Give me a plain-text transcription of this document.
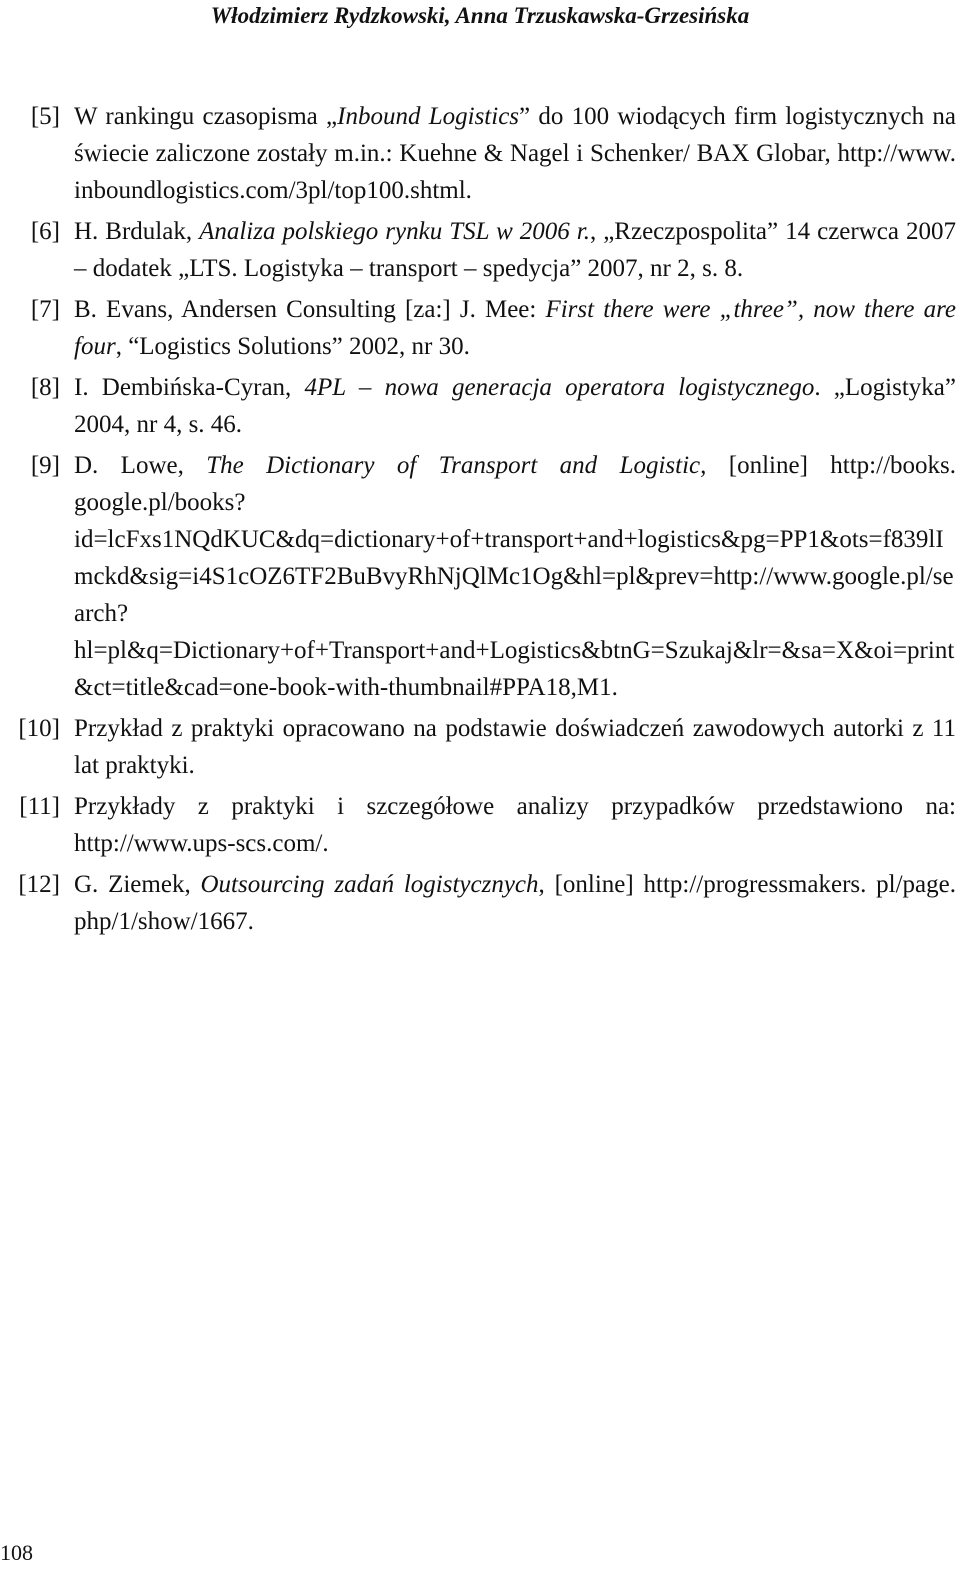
Włodzimierz Rydzkowski, Anna Trzuskawska-Grzesińska
[5] W rankingu czasopisma „Inbound Logistics” do 100 wiodących firm logistycznych na świecie zaliczone zostały m.in.: Kuehne & Nagel i Schenker/ BAX Globar, http://www. inboundlogistics.com/3pl/top100.shtml.
[6] H. Brdulak, Analiza polskiego rynku TSL w 2006 r., „Rzeczpospolita” 14 czerwca 2007 – dodatek „LTS. Logistyka – transport – spedycja” 2007, nr 2, s. 8.
[7] B. Evans, Andersen Consulting [za:] J. Mee: First there were „three”, now there are four, “Logistics Solutions” 2002, nr 30.
[8] I. Dembińska-Cyran, 4PL – nowa generacja operatora logistycznego. „Logistyka” 2004, nr 4, s. 46.
[9] D. Lowe, The Dictionary of Transport and Logistic, [online] http://books. google.pl/books?id=lcFxs1NQdKUC&dq=dictionary+of+transport+and+logistics&pg=PP1&ots=f839lImckd&sig=i4S1cOZ6TF2BuBvyRhNjQlMc1Og&hl=pl&prev=http://www.google.pl/search?hl=pl&q=Dictionary+of+Transport+and+Logistics&btnG=Szukaj&lr=&sa=X&oi=print&ct=title&cad=one-book-with-thumbnail#PPA18,M1.
[10] Przykład z praktyki opracowano na podstawie doświadczeń zawodowych autorki z 11 lat praktyki.
[11] Przykłady z praktyki i szczegółowe analizy przypadków przedstawiono na: http://www.ups-scs.com/.
[12] G. Ziemek, Outsourcing zadań logistycznych, [online] http://progressmakers. pl/page. php/1/show/1667.
108
